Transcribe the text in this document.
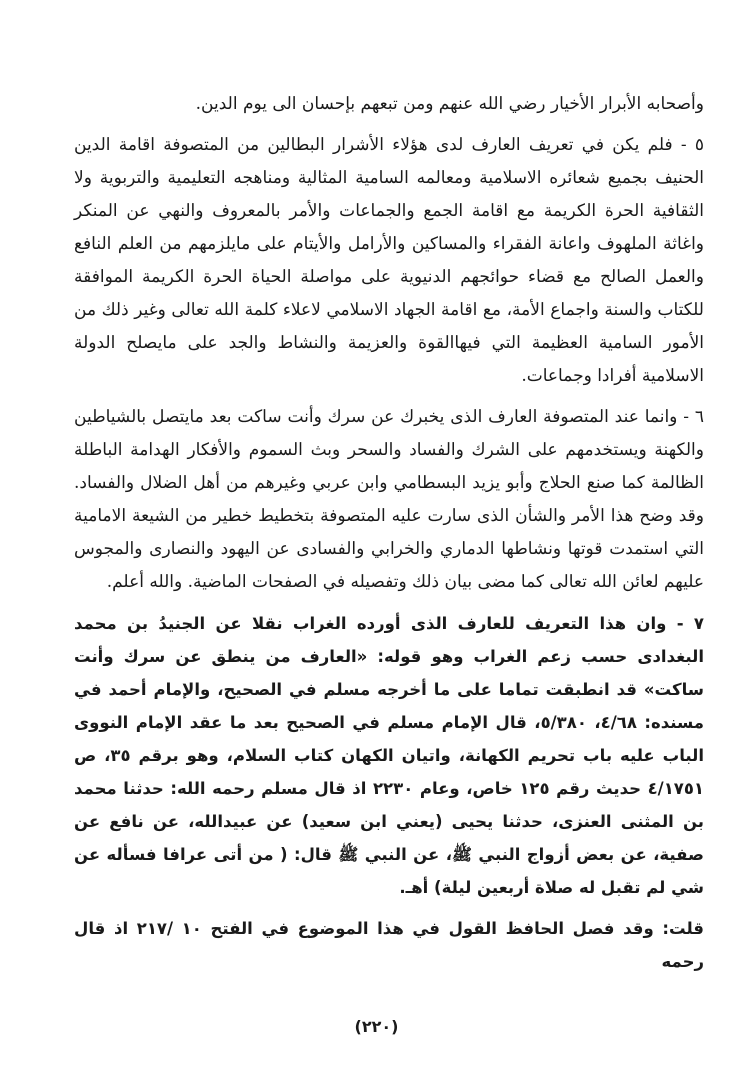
وأصحابه الأبرار الأخيار رضي الله عنهم ومن تبعهم بإحسان الى يوم الدين.

٥ - فلم يكن في تعريف العارف لدى هؤلاء الأشرار البطالين من المتصوفة اقامة الدين الحنيف بجميع شعائره الاسلامية ومعالمه السامية المثالية ومناهجه التعليمية والتربوية ولا الثقافية الحرة الكريمة مع اقامة الجمع والجماعات والأمر بالمعروف والنهي عن المنكر واغاثة الملهوف واعانة الفقراء والمساكين والأرامل والأيتام على مايلزمهم من العلم النافع والعمل الصالح مع قضاء حوائجهم الدنيوية على مواصلة الحياة الحرة الكريمة الموافقة للكتاب والسنة واجماع الأمة، مع اقامة الجهاد الاسلامي لاعلاء كلمة الله تعالى وغير ذلك من الأمور السامية العظيمة التي فيهاالقوة والعزيمة والنشاط والجد على مايصلح الدولة الاسلامية أفرادا وجماعات.

٦ - وانما عند المتصوفة العارف الذى يخبرك عن سرك وأنت ساكت بعد مايتصل بالشياطين والكهنة ويستخدمهم على الشرك والفساد والسحر وبث السموم والأفكار الهدامة الباطلة الظالمة كما صنع الحلاج وأبو يزيد البسطامي وابن عربي وغيرهم من أهل الضلال والفساد. وقد وضح هذا الأمر والشأن الذى سارت عليه المتصوفة بتخطيط خطير من الشيعة الامامية التي استمدت قوتها ونشاطها الدماري والخرابي والفسادى عن اليهود والنصارى والمجوس عليهم لعائن الله تعالى كما مضى بيان ذلك وتفصيله في الصفحات الماضية. والله أعلم.

٧ - وان هذا التعريف للعارف الذى أورده الغراب نقلا عن الجنيدُ بن محمد البغدادى حسب زعم الغراب وهو قوله: «العارف من ينطق عن سرك وأنت ساكت» قد انطبقت تماما على ما أخرجه مسلم في الصحيح، والإمام أحمد في مسنده: ٤/٦٨، ٥/٣٨٠، قال الإمام مسلم في الصحيح بعد ما عقد الإمام النووى الباب عليه باب تحريم الكهانة، واتيان الكهان كتاب السلام، وهو برقم ٣٥، ص ٤/١٧٥١ حديث رقم ١٢٥ خاص، وعام ٢٢٣٠ اذ قال مسلم رحمه الله: حدثنا محمد بن المثنى العنزى، حدثنا يحيى (يعني ابن سعيد) عن عبيدالله، عن نافع عن صفية، عن بعض أزواج النبي ﷺ، عن النبي ﷺ قال: ( من أتى عرافا فسأله عن شي لم تقبل له صلاة أربعين ليلة) أهـ.

قلت: وقد فصل الحافظ القول في هذا الموضوع في الفتح ١٠ /٢١٧ اذ قال رحمه

(٢٢٠)
